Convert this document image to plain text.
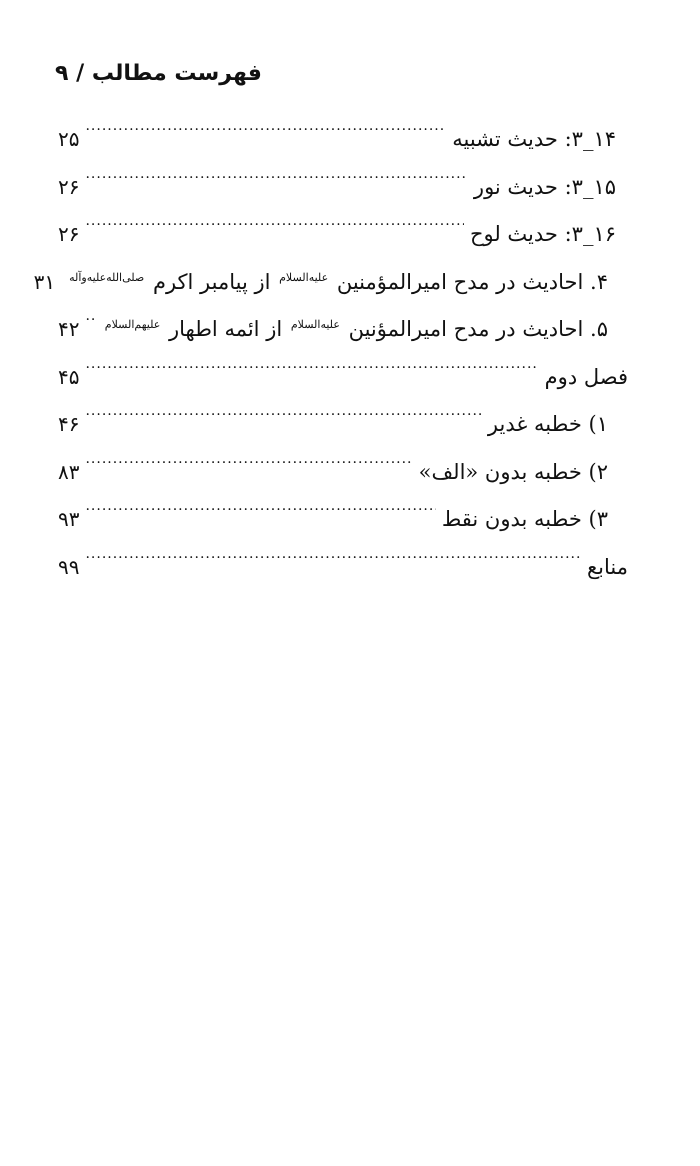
فهرست مطالب / ۹
۱۴_۳: حدیث تشبیه
.....
۲۵
۱۵_۳: حدیث نور
.....
۲۶
۱۶_۳: حدیث لوح
.....
۲۶
۴. احادیث در مدح امیرالمؤمنین $^{علیه‌السلام}$ از پیامبر اکرم $^{صلی‌الله‌علیه‌وآله}$
۳۱
۵. احادیث در مدح امیرالمؤنین $^{علیه‌السلام}$ از ائمه اطهار $^{علیهم‌السلام}$
.....
۴۲
فصل دوم
.....
۴۵
۱) خطبه غدیر
.....
۴۶
۲) خطبه بدون «الف»
.....
۸۳
۳) خطبه بدون نقط
.....
۹۳
منابع
.....
۹۹
